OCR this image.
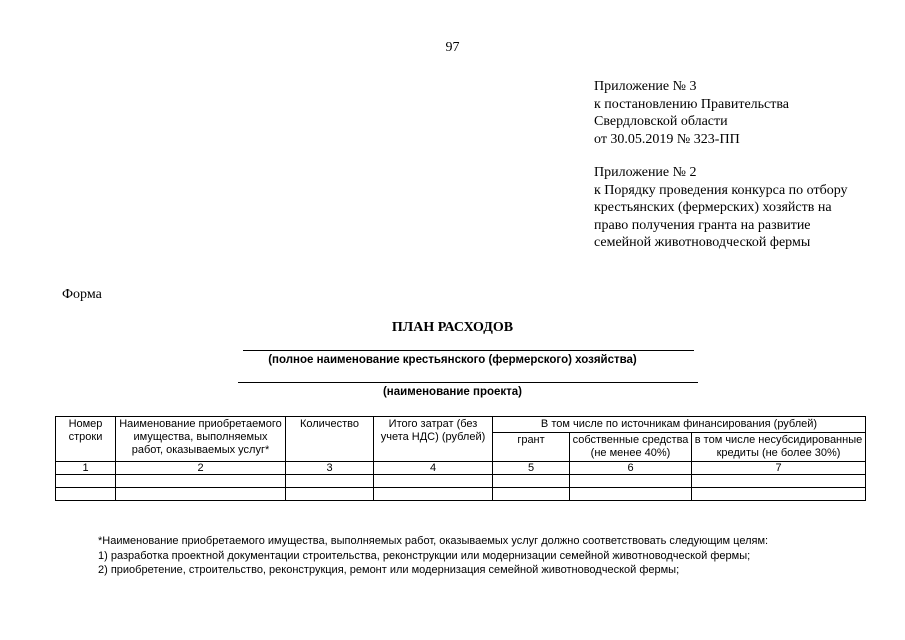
97
Приложение № 3
к постановлению Правительства
Свердловской области
от 30.05.2019 № 323-ПП
Приложение № 2
к Порядку проведения конкурса по отбору
крестьянских (фермерских) хозяйств на
право получения гранта на развитие
семейной животноводческой фермы
Форма
ПЛАН РАСХОДОВ
(полное наименование крестьянского (фермерского) хозяйства)
(наименование проекта)
Номер строки	Наименование приобретаемого имущества, выполняемых работ, оказываемых услуг*	Количество	Итого затрат (без учета НДС) (рублей)	В том числе по источникам финансирования (рублей)		
				грант	собственные средства (не менее 40%)	в том числе несубсидированные кредиты (не более 30%)
1	2	3	4	5	6	7

*Наименование приобретаемого имущества, выполняемых работ, оказываемых услуг должно соответствовать следующим целям:
1) разработка проектной документации строительства, реконструкции или модернизации семейной животноводческой фермы;
2) приобретение, строительство, реконструкция, ремонт или модернизация семейной животноводческой фермы;
